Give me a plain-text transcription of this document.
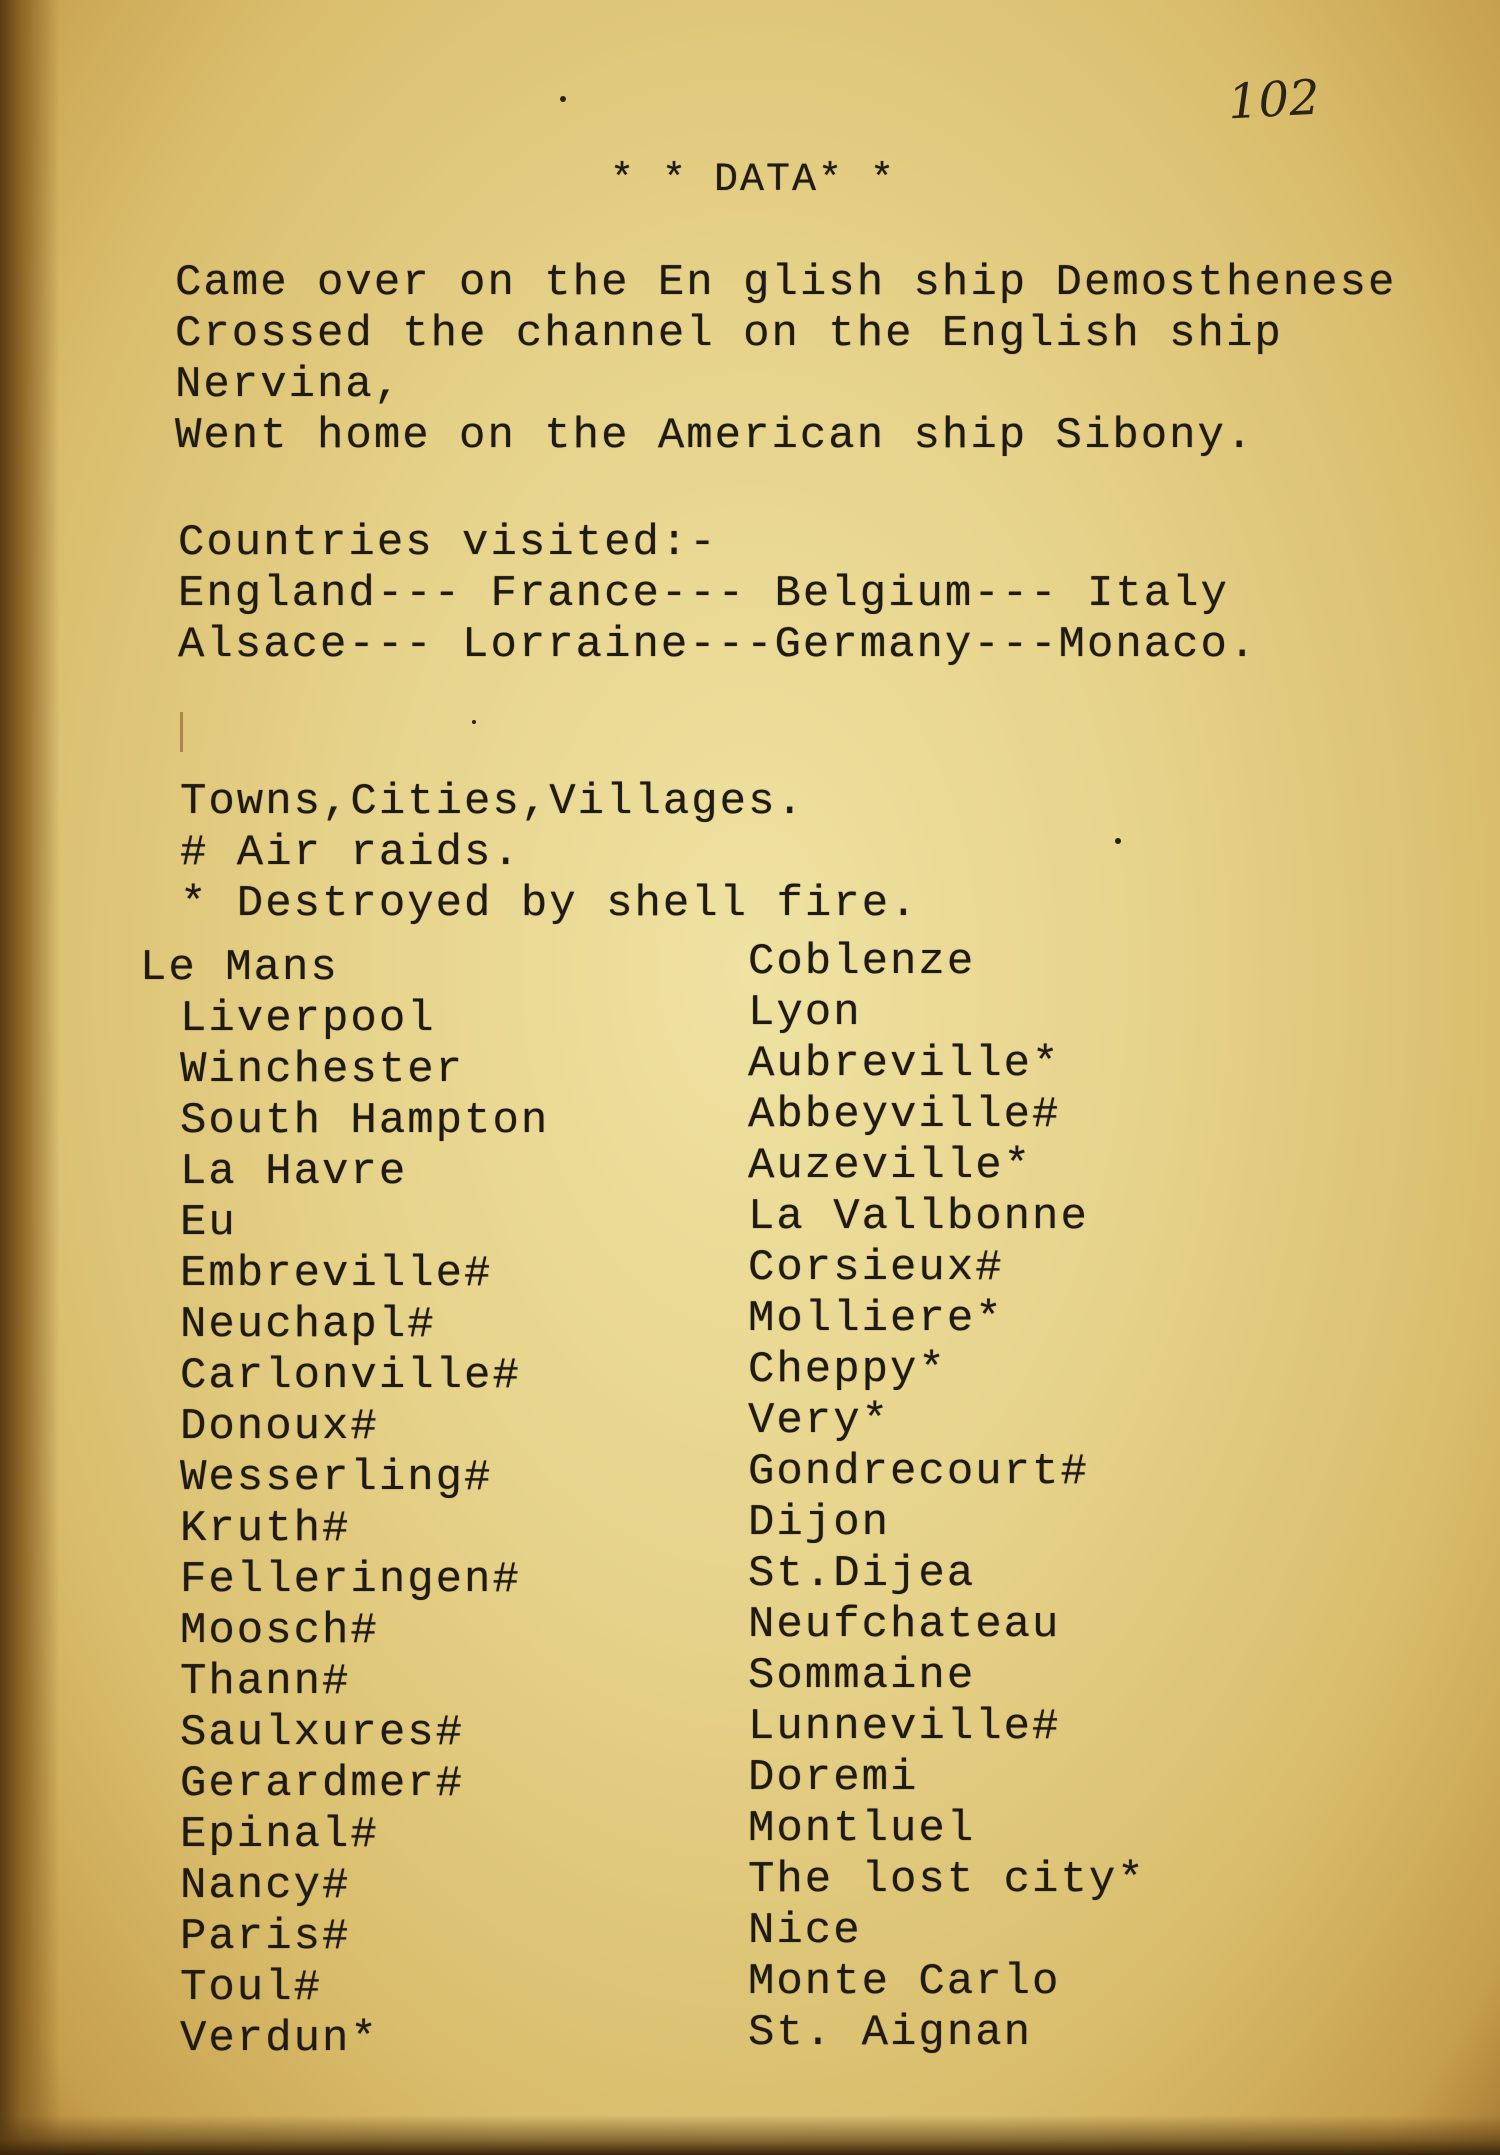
102
* * DATA* *
Came over on the En glish ship Demosthenese
Crossed the channel on the English ship
Nervina,
Went home on the American ship Sibony.
Countries visited:-
England--- France--- Belgium--- Italy
Alsace--- Lorraine---Germany---Monaco.
Towns,Cities,Villages.
# Air raids.
* Destroyed by shell fire.
Le Mans
Liverpool
Winchester
South Hampton
La Havre
Eu
Embreville#
Neuchapl#
Carlonville#
Donoux#
Wesserling#
Kruth#
Felleringen#
Moosch#
Thann#
Saulxures#
Gerardmer#
Epinal#
Nancy#
Paris#
Toul#
Verdun*
Coblenze
Lyon
Aubreville*
Abbeyville#
Auzeville*
La Vallbonne
Corsieux#
Molliere*
Cheppy*
Very*
Gondrecourt#
Dijon
St.Dijea
Neufchateau
Sommaine
Lunneville#
Doremi
Montluel
The lost city*
Nice
Monte Carlo
St. Aignan
